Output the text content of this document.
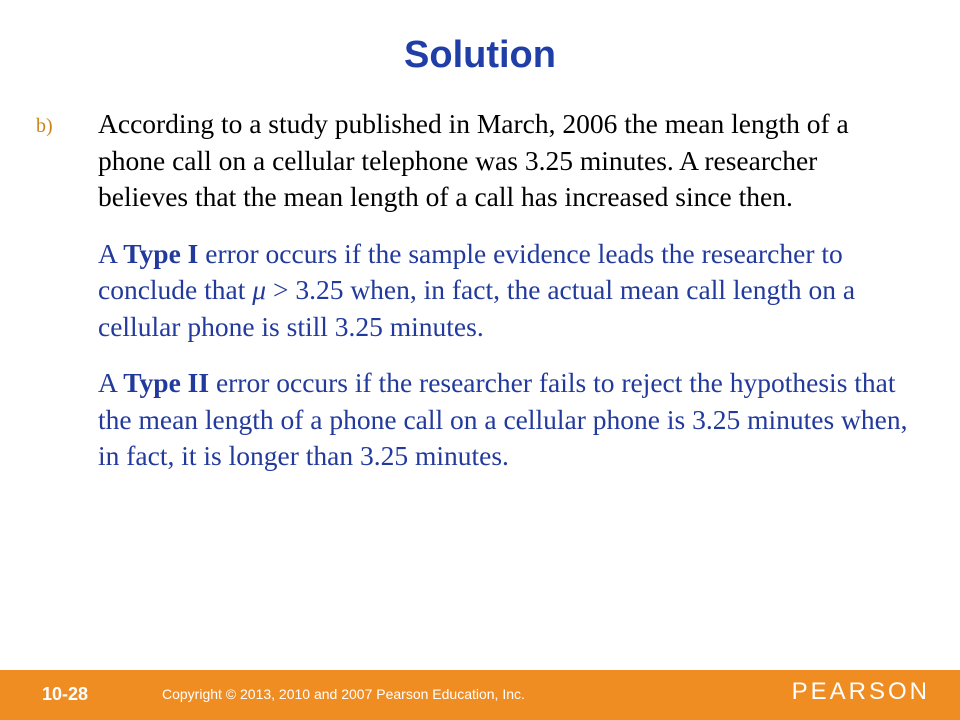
Solution
b) According to a study published in March, 2006 the mean length of a phone call on a cellular telephone was 3.25 minutes. A researcher believes that the mean length of a call has increased since then.

A Type I error occurs if the sample evidence leads the researcher to conclude that μ > 3.25 when, in fact, the actual mean call length on a cellular phone is still 3.25 minutes.

A Type II error occurs if the researcher fails to reject the hypothesis that the mean length of a phone call on a cellular phone is 3.25 minutes when, in fact, it is longer than 3.25 minutes.

10-28	Copyright © 2013, 2010 and 2007 Pearson Education, Inc.	PEARSON
